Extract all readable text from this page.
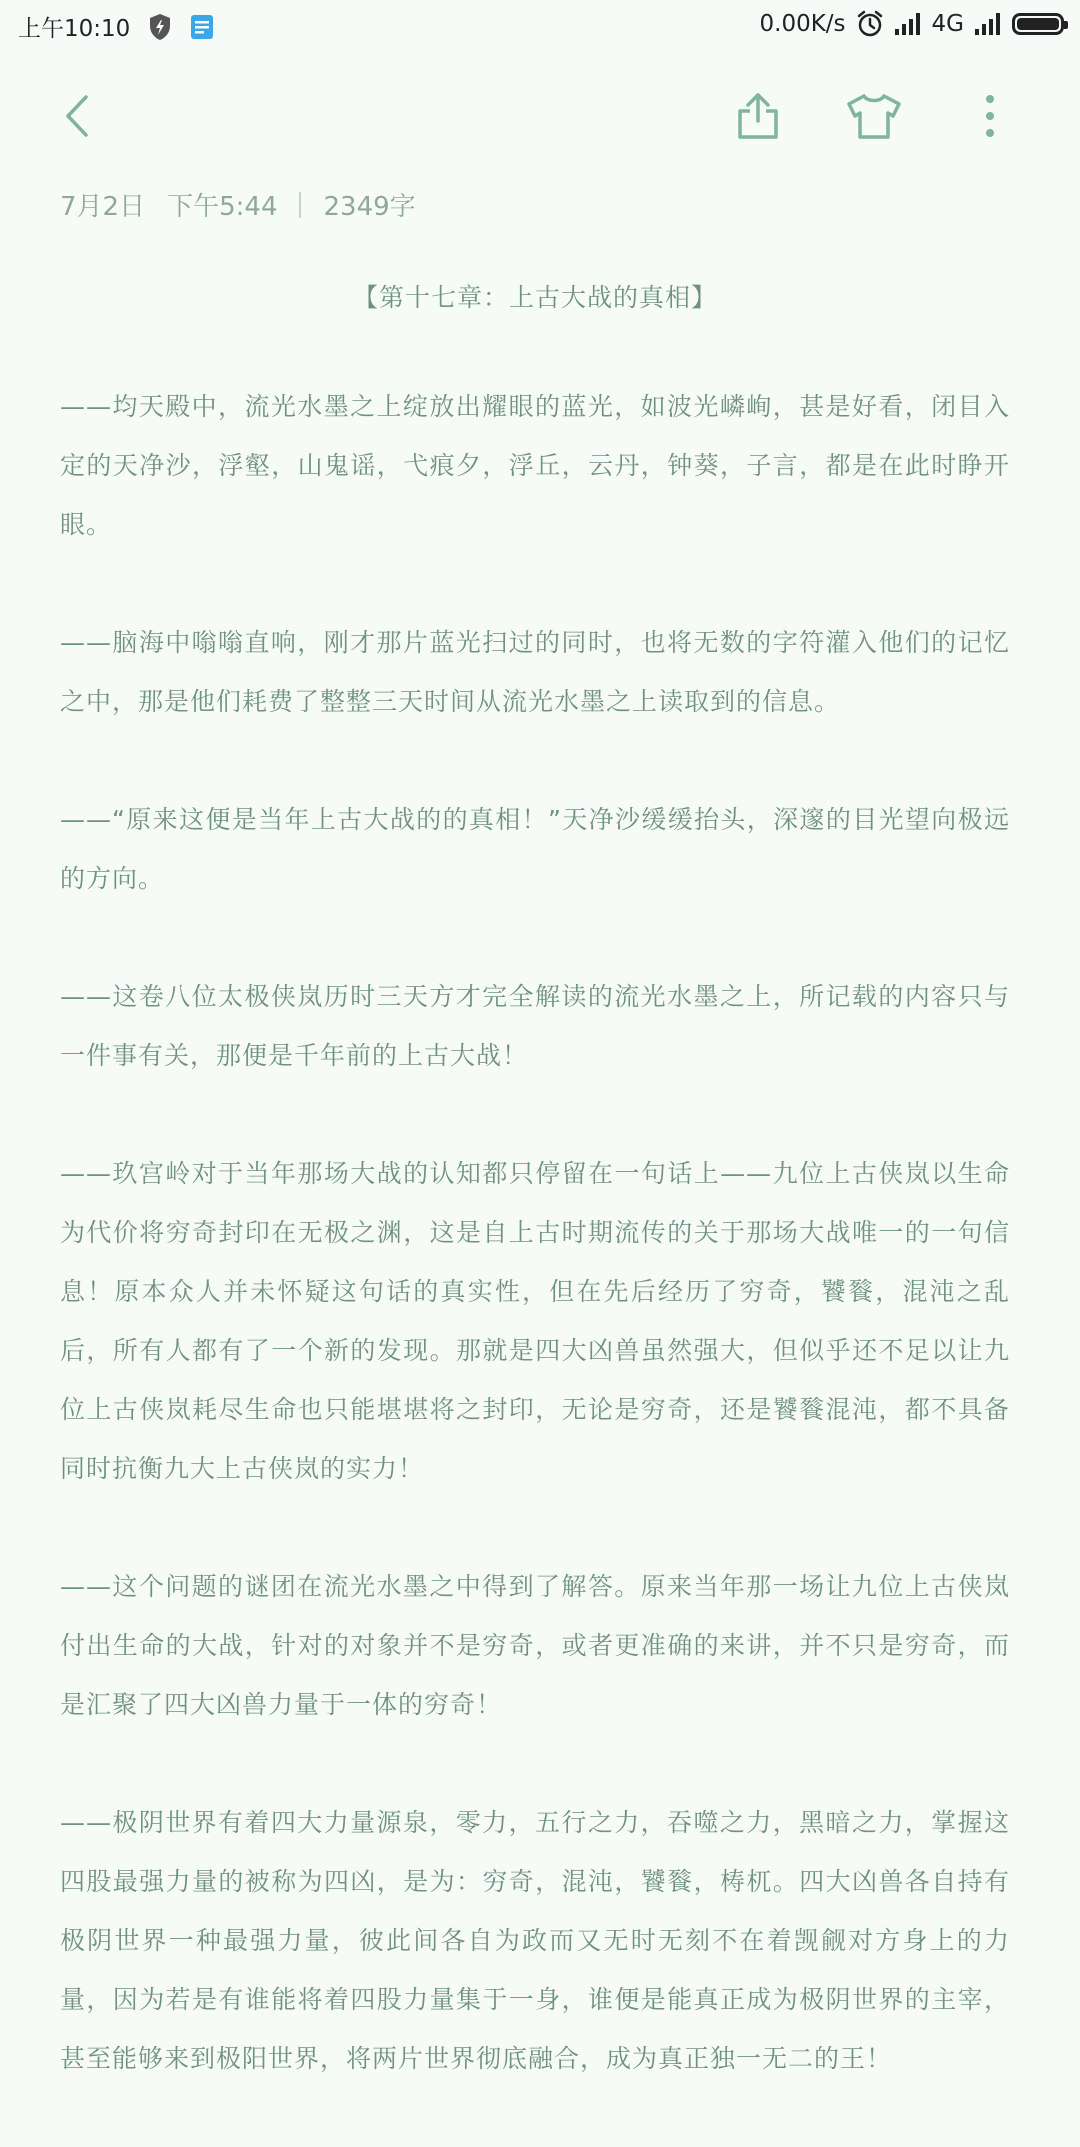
上午10:10	0.00K/s	4G
7月2日 下午5:44 2349字
【第十七章：上古大战的真相】

——均天殿中，流光水墨之上绽放出耀眼的蓝光，如波光嶙峋，甚是好看，闭目入定的天净沙，浮壑，山鬼谣，弋痕夕，浮丘，云丹，钟葵，子言，都是在此时睁开眼。

——脑海中嗡嗡直响，刚才那片蓝光扫过的同时，也将无数的字符灌入他们的记忆之中，那是他们耗费了整整三天时间从流光水墨之上读取到的信息。

——“原来这便是当年上古大战的的真相！”天净沙缓缓抬头，深邃的目光望向极远的方向。

——这卷八位太极侠岚历时三天方才完全解读的流光水墨之上，所记载的内容只与一件事有关，那便是千年前的上古大战！

——玖宫岭对于当年那场大战的认知都只停留在一句话上——九位上古侠岚以生命为代价将穷奇封印在无极之渊，这是自上古时期流传的关于那场大战唯一的一句信息！原本众人并未怀疑这句话的真实性，但在先后经历了穷奇，饕餮，混沌之乱后，所有人都有了一个新的发现。那就是四大凶兽虽然强大，但似乎还不足以让九位上古侠岚耗尽生命也只能堪堪将之封印，无论是穷奇，还是饕餮混沌，都不具备同时抗衡九大上古侠岚的实力！

——这个问题的谜团在流光水墨之中得到了解答。原来当年那一场让九位上古侠岚付出生命的大战，针对的对象并不是穷奇，或者更准确的来讲，并不只是穷奇，而是汇聚了四大凶兽力量于一体的穷奇！

——极阴世界有着四大力量源泉，零力，五行之力，吞噬之力，黑暗之力，掌握这四股最强力量的被称为四凶，是为：穷奇，混沌，饕餮，梼杌。四大凶兽各自持有极阴世界一种最强力量，彼此间各自为政而又无时无刻不在着觊觎对方身上的力量，因为若是有谁能将着四股力量集于一身，谁便是能真正成为极阴世界的主宰，甚至能够来到极阳世界，将两片世界彻底融合，成为真正独一无二的王！
